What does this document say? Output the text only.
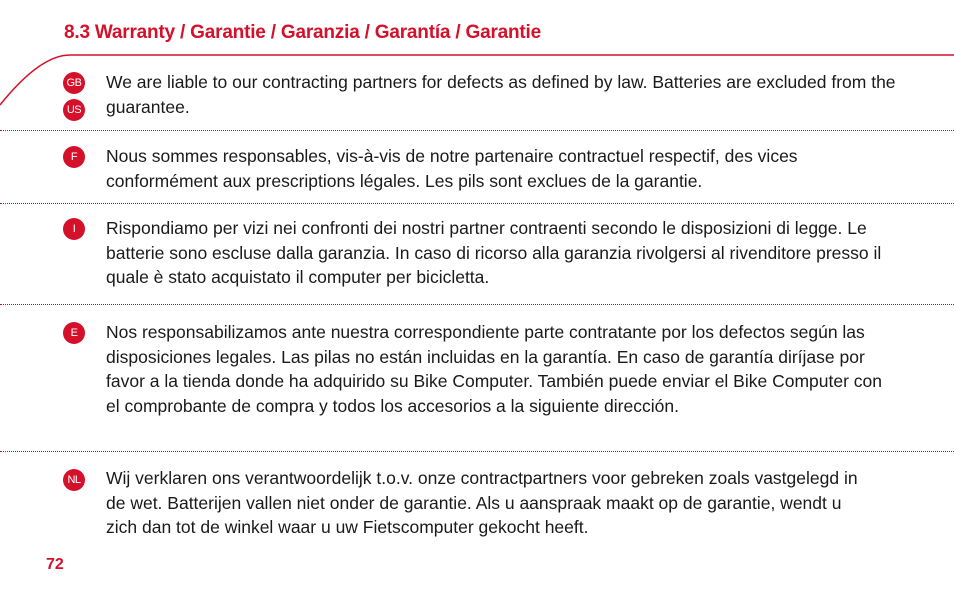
8.3 Warranty / Garantie / Garanzia / Garantía / Garantie
GB
US

We are liable to our contracting partners for defects as defined by law. Batteries are excluded from the guarantee.

F	Nous sommes responsables, vis-à-vis de notre partenaire contractuel respectif, des vices conformément aux prescriptions légales. Les pils sont exclues de la garantie.

I	Rispondiamo per vizi nei confronti dei nostri partner contraenti secondo le disposizioni di legge. Le batterie sono escluse dalla garanzia. In caso di ricorso alla garanzia rivolgersi al rivenditore presso il quale è stato acquistato il computer per bicicletta.

E	Nos responsabilizamos ante nuestra correspondiente parte contratante por los defectos según las disposiciones legales. Las pilas no están incluidas en la garantía. En caso de garantía diríjase por favor a la tienda donde ha adquirido su Bike Computer. También puede enviar el Bike Computer con el comprobante de compra y todos los accesorios a la siguiente dirección.

NL Wij verklaren ons verantwoordelijk t.o.v. onze contractpartners voor gebreken zoals vastgelegd in de wet. Batterijen vallen niet onder de garantie. Als u aanspraak maakt op de garantie, wendt u zich dan tot de winkel waar u uw Fietscomputer gekocht heeft.

72
